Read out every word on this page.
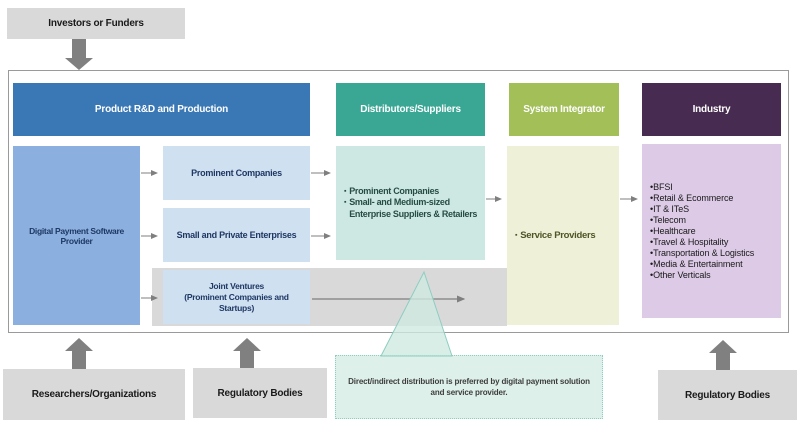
Investors or Funders
Product R&D and Production	Distributors/Suppliers	System Integrator	Industry
Digital Payment Software Provider
Prominent Companies
Small and Private Enterprises
Joint Ventures
(Prominent Companies and Startups)
▪ Prominent Companies
▪ Small- and Medium-sized Enterprise Suppliers & Retailers
▪ Service Providers
• BFSI
• Retail & Ecommerce
• IT & ITeS
• Telecom
• Healthcare
• Travel & Hospitality
• Transportation & Logistics
• Media & Entertainment
• Other Verticals
Researchers/Organizations	Regulatory Bodies	Regulatory Bodies
Direct/indirect distribution is preferred by digital payment solution and service provider.
